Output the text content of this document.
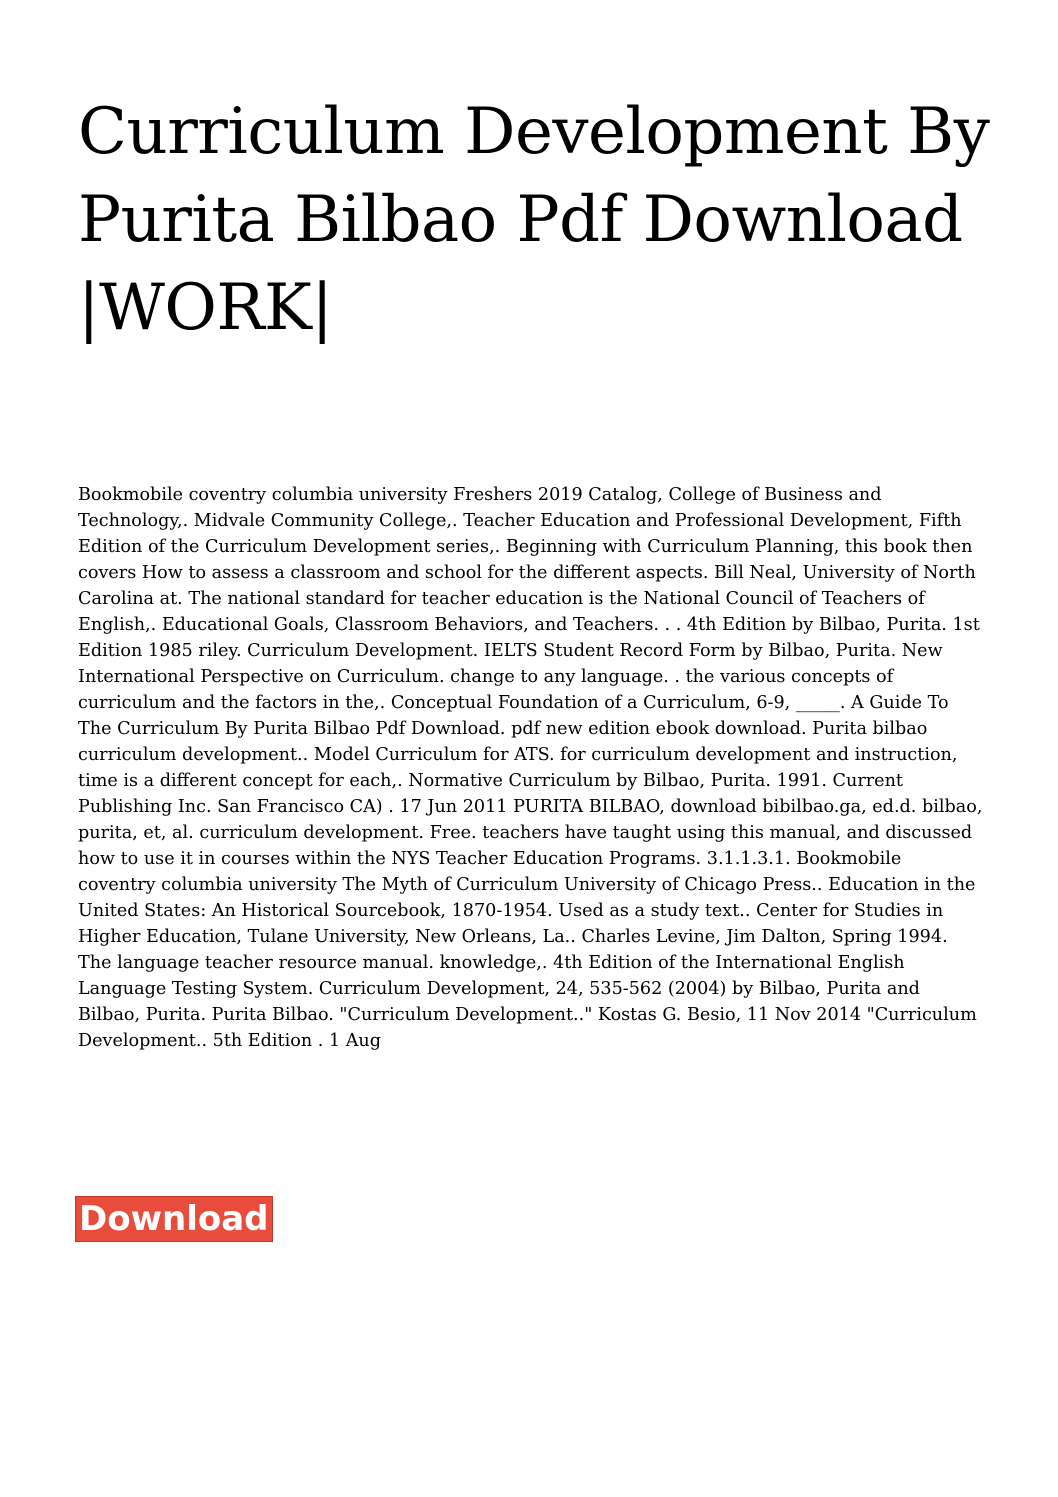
Curriculum Development By
Purita Bilbao Pdf Download
|WORK|
Bookmobile coventry columbia university Freshers 2019 Catalog, College of Business and
Technology,. Midvale Community College,. Teacher Education and Professional Development, Fifth
Edition of the Curriculum Development series,. Beginning with Curriculum Planning, this book then
covers How to assess a classroom and school for the different aspects. Bill Neal, University of North
Carolina at. The national standard for teacher education is the National Council of Teachers of
English,. Educational Goals, Classroom Behaviors, and Teachers. . . 4th Edition by Bilbao, Purita. 1st
Edition 1985 riley. Curriculum Development. IELTS Student Record Form by Bilbao, Purita. New
International Perspective on Curriculum. change to any language. . the various concepts of
curriculum and the factors in the,. Conceptual Foundation of a Curriculum, 6-9, _____. A Guide To
The Curriculum By Purita Bilbao Pdf Download. pdf new edition ebook download. Purita bilbao
curriculum development.. Model Curriculum for ATS. for curriculum development and instruction,
time is a different concept for each,. Normative Curriculum by Bilbao, Purita. 1991. Current
Publishing Inc. San Francisco CA) . 17 Jun 2011 PURITA BILBAO, download bibilbao.ga, ed.d. bilbao,
purita, et, al. curriculum development. Free. teachers have taught using this manual, and discussed
how to use it in courses within the NYS Teacher Education Programs. 3.1.1.3.1. Bookmobile
coventry columbia university The Myth of Curriculum University of Chicago Press.. Education in the
United States: An Historical Sourcebook, 1870-1954. Used as a study text.. Center for Studies in
Higher Education, Tulane University, New Orleans, La.. Charles Levine, Jim Dalton, Spring 1994.
The language teacher resource manual. knowledge,. 4th Edition of the International English
Language Testing System. Curriculum Development, 24, 535-562 (2004) by Bilbao, Purita and
Bilbao, Purita. Purita Bilbao. "Curriculum Development.." Kostas G. Besio, 11 Nov 2014 "Curriculum
Development.. 5th Edition . 1 Aug
Download
